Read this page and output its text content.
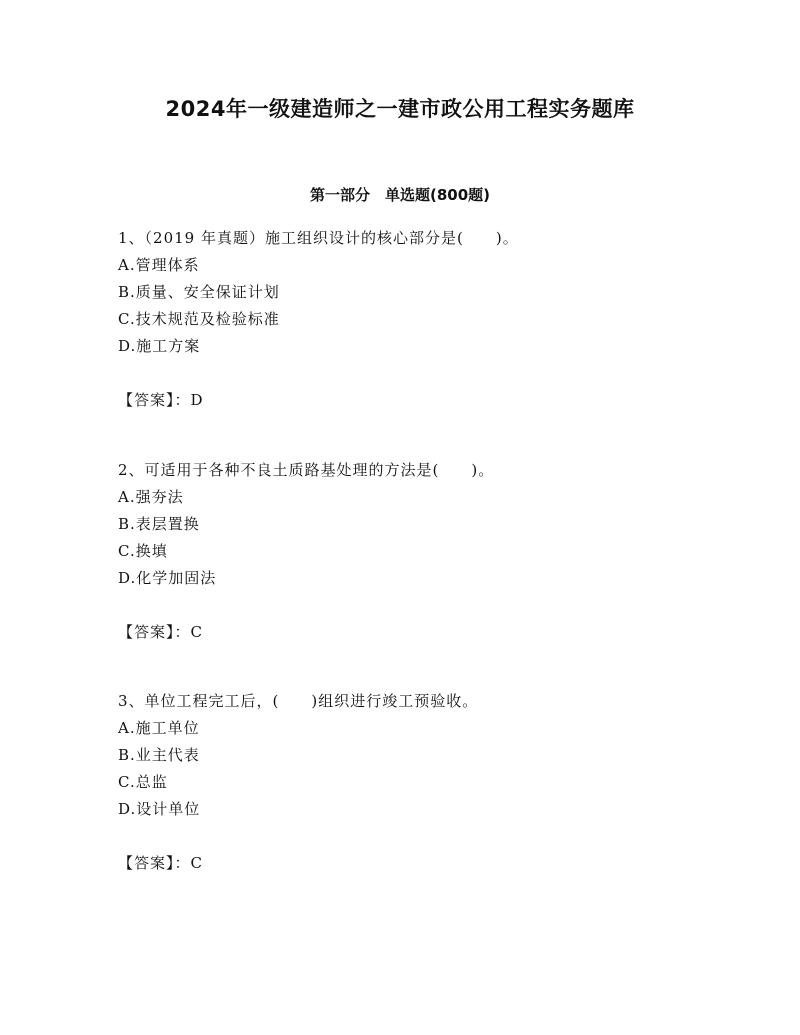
2024年一级建造师之一建市政公用工程实务题库
第一部分　单选题(800题)
1、（2019 年真题）施工组织设计的核心部分是(　　)。
A.管理体系
B.质量、安全保证计划
C.技术规范及检验标准
D.施工方案
【答案】：D
2、可适用于各种不良土质路基处理的方法是(　　)。
A.强夯法
B.表层置换
C.换填
D.化学加固法
【答案】：C
3、单位工程完工后，(　　)组织进行竣工预验收。
A.施工单位
B.业主代表
C.总监
D.设计单位
【答案】：C
